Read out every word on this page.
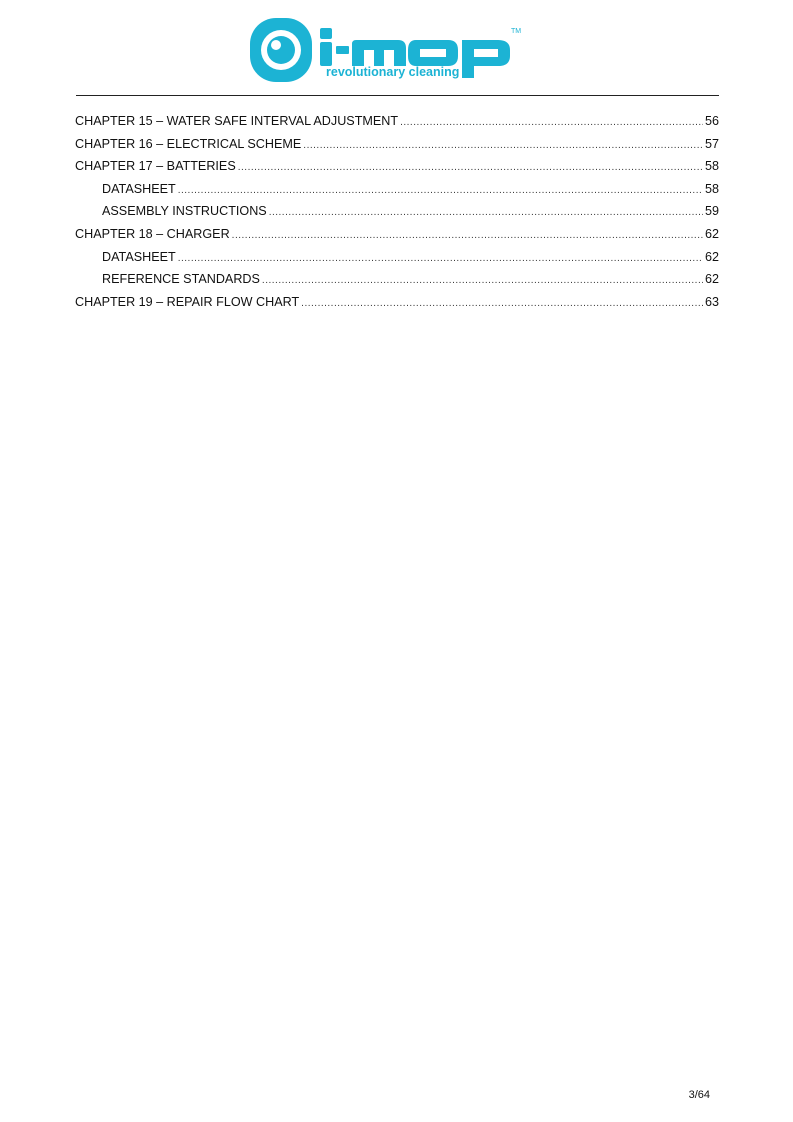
TM
revolutionary cleaning
CHAPTER 15 – WATER SAFE INTERVAL ADJUSTMENT .....	56
CHAPTER 16 – ELECTRICAL SCHEME .....	57
CHAPTER 17 – BATTERIES .....	58
DATASHEET .....	58
ASSEMBLY INSTRUCTIONS .....	59
CHAPTER 18 – CHARGER .....	62
DATASHEET .....	62
REFERENCE STANDARDS .....	62
CHAPTER 19 – REPAIR FLOW CHART .....	63
3/64
